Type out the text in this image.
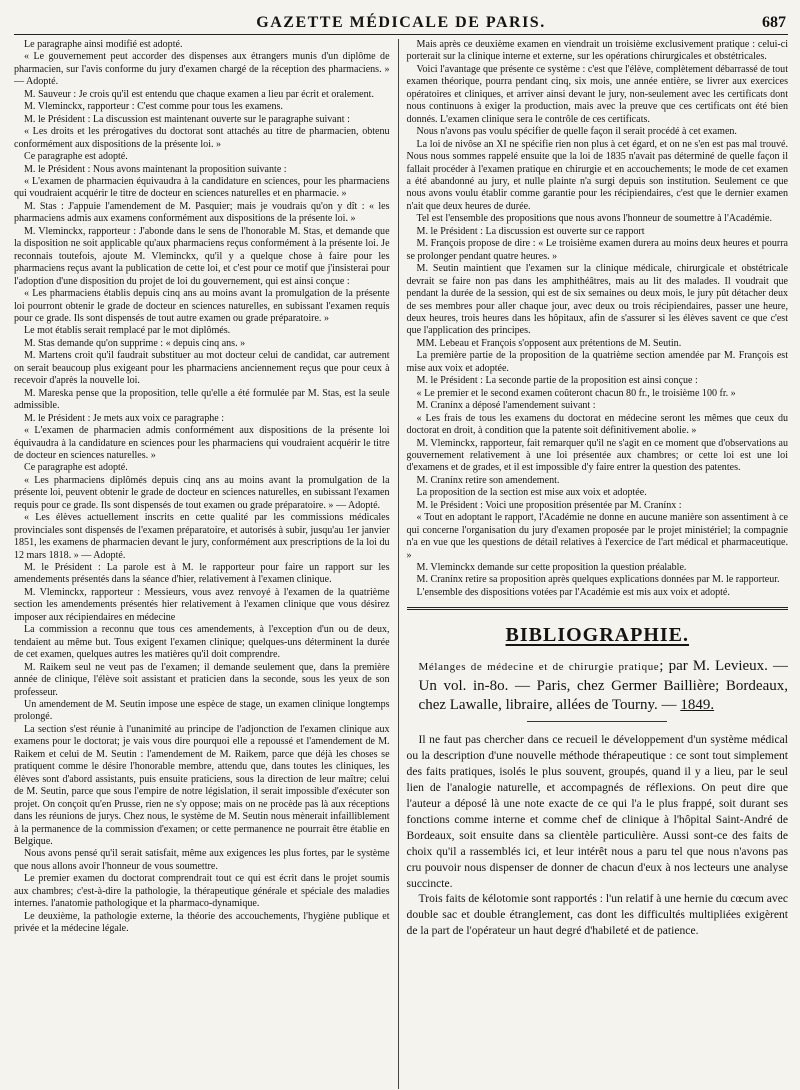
GAZETTE MÉDICALE DE PARIS.	687

Le paragraphe ainsi modifié est adopté.

« Le gouvernement peut accorder des dispenses aux étrangers munis d'un diplôme de pharmacien, sur l'avis conforme du jury d'examen chargé de la réception des pharmaciens. » — Adopté.

M. Sauveur : Je crois qu'il est entendu que chaque examen a lieu par écrit et oralement.

M. Vleminckx, rapporteur : C'est comme pour tous les examens.

M. le Président : La discussion est maintenant ouverte sur le paragraphe suivant :

« Les droits et les prérogatives du doctorat sont attachés au titre de pharmacien, obtenu conformément aux dispositions de la présente loi. »

Ce paragraphe est adopté.

M. le Président : Nous avons maintenant la proposition suivante :

« L'examen de pharmacien équivaudra à la candidature en sciences, pour les pharmaciens qui voudraient acquérir le titre de docteur en sciences naturelles et en pharmacie. »

M. Stas : J'appuie l'amendement de M. Pasquier; mais je voudrais qu'on y dît : « les pharmaciens admis aux examens conformément aux dispositions de la présente loi. »

M. Vleminckx, rapporteur : J'abonde dans le sens de l'honorable M. Stas, et demande que la disposition ne soit applicable qu'aux pharmaciens reçus conformément à la présente loi. Je reconnais toutefois, ajoute M. Vleminckx, qu'il y a quelque chose à faire pour les pharmaciens reçus avant la publication de cette loi, et c'est pour ce motif que j'insisterai pour l'adoption d'une disposition du projet de loi du gouvernement, qui est ainsi conçue :

« Les pharmaciens établis depuis cinq ans au moins avant la promulgation de la présente loi pourront obtenir le grade de docteur en sciences naturelles, en subissant l'examen requis pour ce grade. Ils sont dispensés de tout autre examen ou grade préparatoire. »

Le mot établis serait remplacé par le mot diplômés.

M. Stas demande qu'on supprime : « depuis cinq ans. »

M. Martens croit qu'il faudrait substituer au mot docteur celui de candidat, car autrement on serait beaucoup plus exigeant pour les pharmaciens anciennement reçus que pour ceux à recevoir d'après la nouvelle loi.

M. Mareska pense que la proposition, telle qu'elle a été formulée par M. Stas, est la seule admissible.

M. le Président : Je mets aux voix ce paragraphe :

« L'examen de pharmacien admis conformément aux dispositions de la présente loi équivaudra à la candidature en sciences pour les pharmaciens qui voudraient acquérir le titre de docteur en sciences naturelles. »

Ce paragraphe est adopté.

« Les pharmaciens diplômés depuis cinq ans au moins avant la promulgation de la présente loi, peuvent obtenir le grade de docteur en sciences naturelles, en subissant l'examen requis pour ce grade. Ils sont dispensés de tout examen ou grade préparatoire. » — Adopté.

« Les élèves actuellement inscrits en cette qualité par les commissions médicales provinciales sont dispensés de l'examen préparatoire, et autorisés à subir, jusqu'au 1er janvier 1851, les examens de pharmacien devant le jury, conformément aux prescriptions de la loi du 12 mars 1818. » — Adopté.

M. le Président : La parole est à M. le rapporteur pour faire un rapport sur les amendements présentés dans la séance d'hier, relativement à l'examen clinique.

M. Vleminckx, rapporteur : Messieurs, vous avez renvoyé à l'examen de la quatrième section les amendements présentés hier relativement à l'examen clinique que vous désirez imposer aux récipiendaires en médecine

La commission a reconnu que tous ces amendements, à l'exception d'un ou de deux, tendaient au même but. Tous exigent l'examen clinique; quelques-uns déterminent la durée de cet examen, quelques autres les matières qu'il doit comprendre.

M. Raikem seul ne veut pas de l'examen; il demande seulement que, dans la première année de clinique, l'élève soit assistant et praticien dans la seconde, sous les yeux de son professeur.

Un amendement de M. Seutin impose une espèce de stage, un examen clinique longtemps prolongé.

La section s'est réunie à l'unanimité au principe de l'adjonction de l'examen clinique aux examens pour le doctorat; je vais vous dire pourquoi elle a repoussé et l'amendement de M. Raikem et celui de M. Seutin : l'amendement de M. Raikem, parce que déjà les choses se pratiquent comme le désire l'honorable membre, attendu que, dans toutes les cliniques, les élèves sont d'abord assistants, puis ensuite praticiens, sous la direction de leur maître; celui de M. Seutin, parce que sous l'empire de notre législation, il serait impossible d'exécuter son projet. On conçoit qu'en Prusse, rien ne s'y oppose; mais on ne procède pas là aux réceptions dans les réunions de jurys. Chez nous, le système de M. Seutin nous mènerait infailliblement à la permanence de la commission d'examen; or cette permanence ne pourrait être établie en Belgique.

Nous avons pensé qu'il serait satisfait, même aux exigences les plus fortes, par le système que nous allons avoir l'honneur de vous soumettre.

Le premier examen du doctorat comprendrait tout ce qui est écrit dans le projet soumis aux chambres; c'est-à-dire la pathologie, la thérapeutique générale et spéciale des maladies internes. l'anatomie pathologique et la pharmaco-dynamique.

Le deuxième, la pathologie externe, la théorie des accouchements, l'hygiène publique et privée et la médecine légale.

Mais après ce deuxième examen en viendrait un troisième exclusivement pratique : celui-ci porterait sur la clinique interne et externe, sur les opérations chirurgicales et obstétricales.

Voici l'avantage que présente ce système : c'est que l'élève, complètement débarrassé de tout examen théorique, pourra pendant cinq, six mois, une année entière, se livrer aux exercices opératoires et cliniques, et arriver ainsi devant le jury, non-seulement avec les certificats dont nous continuons à exiger la production, mais avec la preuve que ces certificats ont été bien donnés. L'examen clinique sera le contrôle de ces certificats.

Nous n'avons pas voulu spécifier de quelle façon il serait procédé à cet examen.

La loi de nivôse an XI ne spécifie rien non plus à cet égard, et on ne s'en est pas mal trouvé. Nous nous sommes rappelé ensuite que la loi de 1835 n'avait pas déterminé de quelle façon il fallait procéder à l'examen pratique en chirurgie et en accouchements; le mode de cet examen a été abandonné au jury, et nulle plainte n'a surgi depuis son institution. Seulement ce que nous avons voulu établir comme garantie pour les récipiendaires, c'est que le dernier examen n'ait que deux heures de durée.

Tel est l'ensemble des propositions que nous avons l'honneur de soumettre à l'Académie.

M. le Président : La discussion est ouverte sur ce rapport

M. François propose de dire : « Le troisième examen durera au moins deux heures et pourra se prolonger pendant quatre heures. »

M. Seutin maintient que l'examen sur la clinique médicale, chirurgicale et obstétricale devrait se faire non pas dans les amphithéâtres, mais au lit des malades. Il voudrait que pendant la durée de la session, qui est de six semaines ou deux mois, le jury pût détacher deux de ses membres pour aller chaque jour, avec deux ou trois récipiendaires, passer une heure, deux heures, trois heures dans les hôpitaux, afin de s'assurer si les élèves savent ce que c'est que l'application des principes.

MM. Lebeau et François s'opposent aux prétentions de M. Seutin.

La première partie de la proposition de la quatrième section amendée par M. François est mise aux voix et adoptée.

M. le Président : La seconde partie de la proposition est ainsi conçue :

« Le premier et le second examen coûteront chacun 80 fr., le troisième 100 fr. »

M. Cranínx a déposé l'amendement suivant :

« Les frais de tous les examens du doctorat en médecine seront les mêmes que ceux du doctorat en droit, à condition que la patente soit définitivement abolie. »

M. Vleminckx, rapporteur, fait remarquer qu'il ne s'agit en ce moment que d'observations au gouvernement relativement à une loi présentée aux chambres; or cette loi est une loi d'examens et de grades, et il est impossible d'y faire entrer la question des patentes.

M. Cranínx retire son amendement.

La proposition de la section est mise aux voix et adoptée.

M. le Président : Voici une proposition présentée par M. Cranínx :

« Tout en adoptant le rapport, l'Académie ne donne en aucune manière son assentiment à ce qui concerne l'organisation du jury d'examen proposée par le projet ministériel; la compagnie n'a en vue que les questions de détail relatives à l'exercice de l'art médical et pharmaceutique. »

M. Vleminckx demande sur cette proposition la question préalable.

M. Cranínx retire sa proposition après quelques explications données par M. le rapporteur.

L'ensemble des dispositions votées par l'Académie est mis aux voix et adopté.

BIBLIOGRAPHIE.

Mélanges de médecine et de chirurgie pratique; par M. Levieux. — Un vol. in-8o. — Paris, chez Germer Baillière; Bordeaux, chez Lawalle, libraire, allées de Tourny. — 1849.

Il ne faut pas chercher dans ce recueil le développement d'un système médical ou la description d'une nouvelle méthode thérapeutique : ce sont tout simplement des faits pratiques, isolés le plus souvent, groupés, quand il y a lieu, par le seul lien de l'analogie naturelle, et accompagnés de réflexions. On peut dire que l'auteur a déposé là une note exacte de ce qui l'a le plus frappé, soit durant ses fonctions comme interne et comme chef de clinique à l'hôpital Saint-André de Bordeaux, soit ensuite dans sa clientèle particulière. Aussi sont-ce des faits de choix qu'il a rassemblés ici, et leur intérêt nous a paru tel que nous n'avons pas cru pouvoir nous dispenser de donner de chacun d'eux à nos lecteurs une analyse succincte.

Trois faits de kélotomie sont rapportés : l'un relatif à une hernie du cœcum avec double sac et double étranglement, cas dont les difficultés multipliées exigèrent de la part de l'opérateur un haut degré d'habileté et de patience.
